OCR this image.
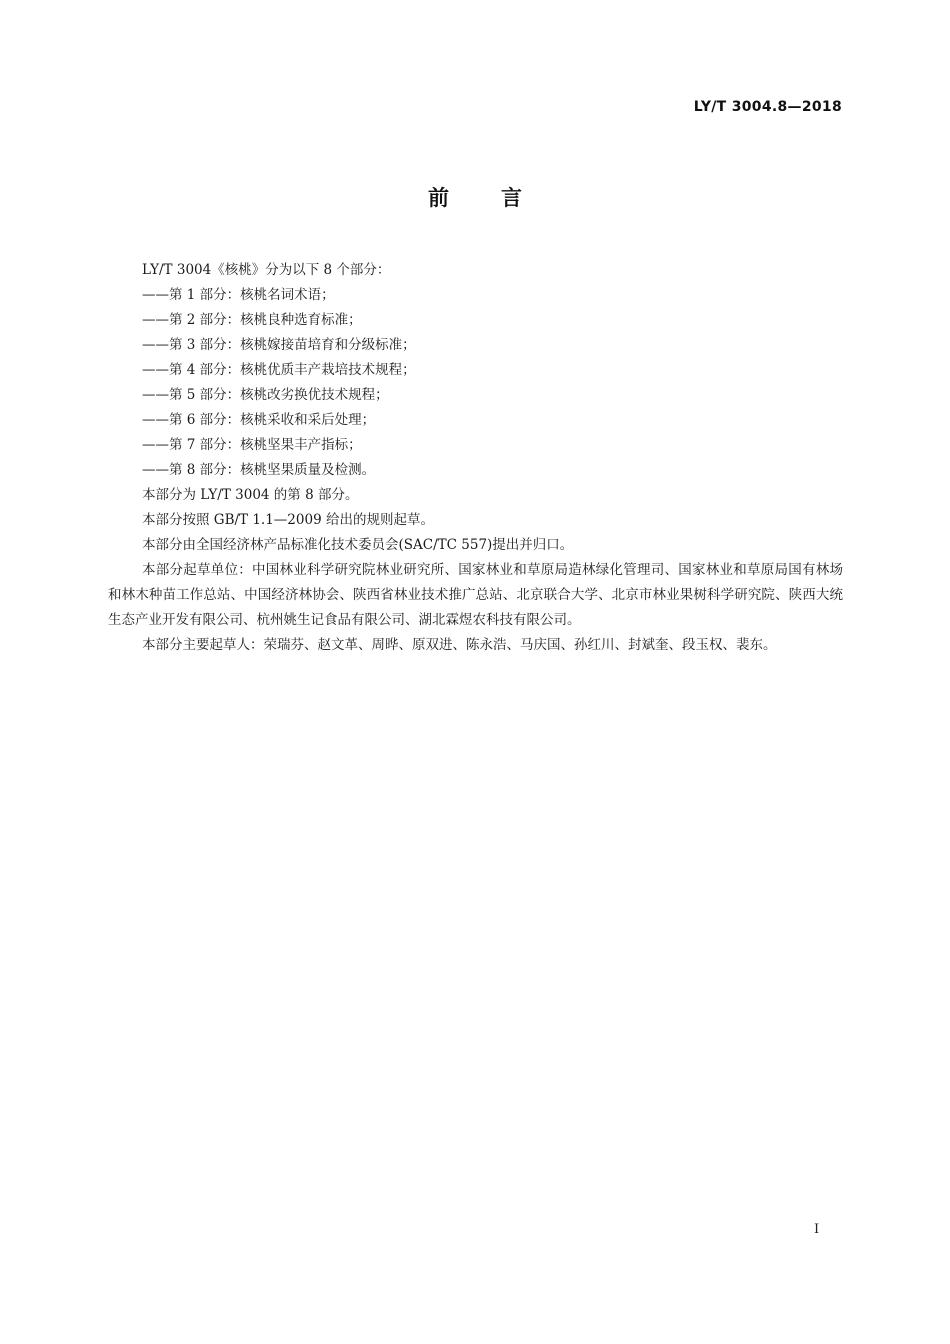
LY/T 3004.8—2018
前言

LY/T 3004《核桃》分为以下 8 个部分：

——第 1 部分：核桃名词术语；

——第 2 部分：核桃良种选育标准；

——第 3 部分：核桃嫁接苗培育和分级标准；

——第 4 部分：核桃优质丰产栽培技术规程；

——第 5 部分：核桃改劣换优技术规程；

——第 6 部分：核桃采收和采后处理；

——第 7 部分：核桃坚果丰产指标；

——第 8 部分：核桃坚果质量及检测。

本部分为 LY/T 3004 的第 8 部分。

本部分按照 GB/T 1.1—2009 给出的规则起草。

本部分由全国经济林产品标准化技术委员会(SAC/TC 557)提出并归口。

本部分起草单位：中国林业科学研究院林业研究所、国家林业和草原局造林绿化管理司、国家林业和草原局国有林场和林木种苗工作总站、中国经济林协会、陕西省林业技术推广总站、北京联合大学、北京市林业果树科学研究院、陕西大统生态产业开发有限公司、杭州姚生记食品有限公司、湖北霖煜农科技有限公司。

本部分主要起草人：荣瑞芬、赵文革、周晔、原双进、陈永浩、马庆国、孙红川、封斌奎、段玉权、裴东。

I
